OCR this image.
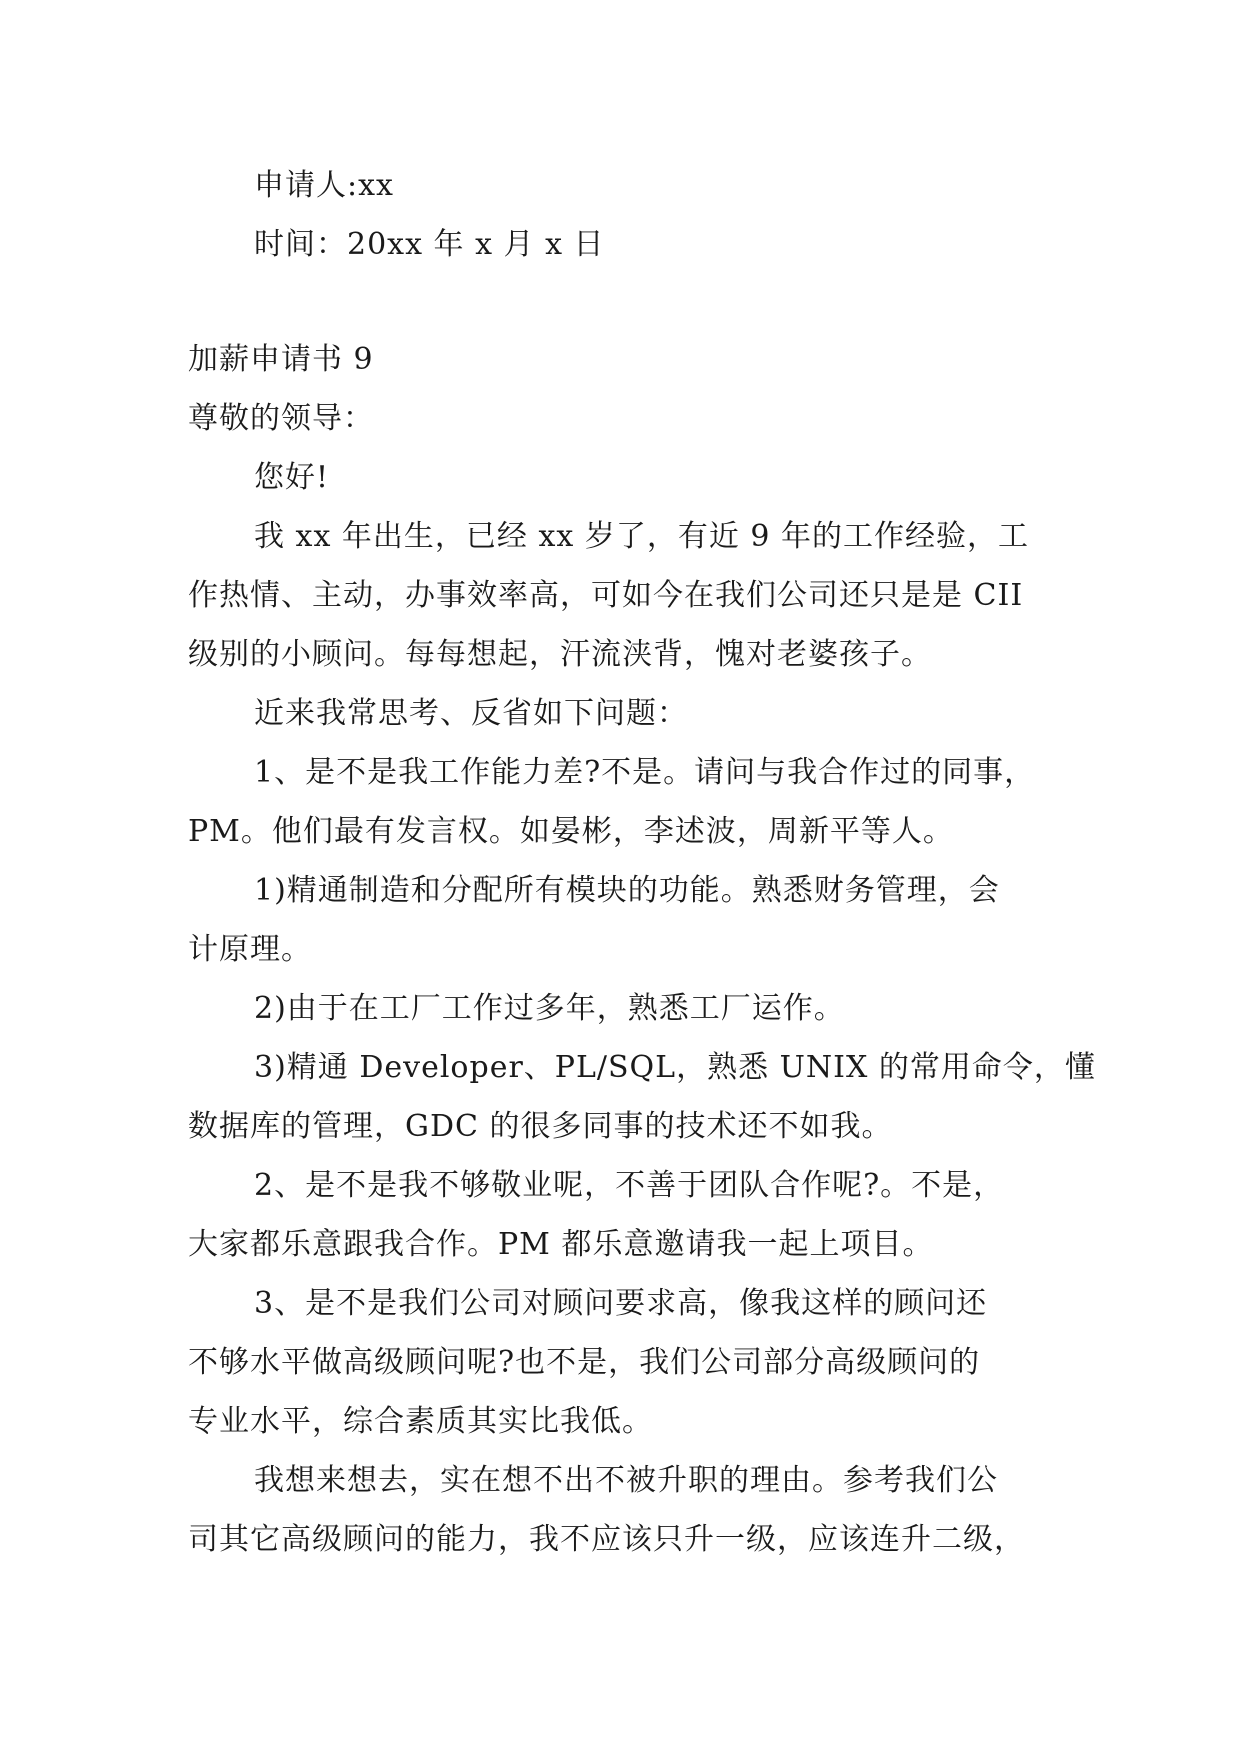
申请人:xx
时间：20xx 年 x 月 x 日
加薪申请书 9
尊敬的领导：
您好!
我 xx 年出生，已经 xx 岁了，有近 9 年的工作经验，工
作热情、主动，办事效率高，可如今在我们公司还只是是 CII
级别的小顾问。每每想起，汗流浃背，愧对老婆孩子。
近来我常思考、反省如下问题：
1、是不是我工作能力差?不是。请问与我合作过的同事，
PM。他们最有发言权。如晏彬，李述波，周新平等人。
1)精通制造和分配所有模块的功能。熟悉财务管理，会
计原理。
2)由于在工厂工作过多年，熟悉工厂运作。
3)精通 Developer、PL/SQL，熟悉 UNIX 的常用命令，懂
数据库的管理，GDC 的很多同事的技术还不如我。
2、是不是我不够敬业呢，不善于团队合作呢?。不是，
大家都乐意跟我合作。PM 都乐意邀请我一起上项目。
3、是不是我们公司对顾问要求高，像我这样的顾问还
不够水平做高级顾问呢?也不是，我们公司部分高级顾问的
专业水平，综合素质其实比我低。
我想来想去，实在想不出不被升职的理由。参考我们公
司其它高级顾问的能力，我不应该只升一级，应该连升二级，
